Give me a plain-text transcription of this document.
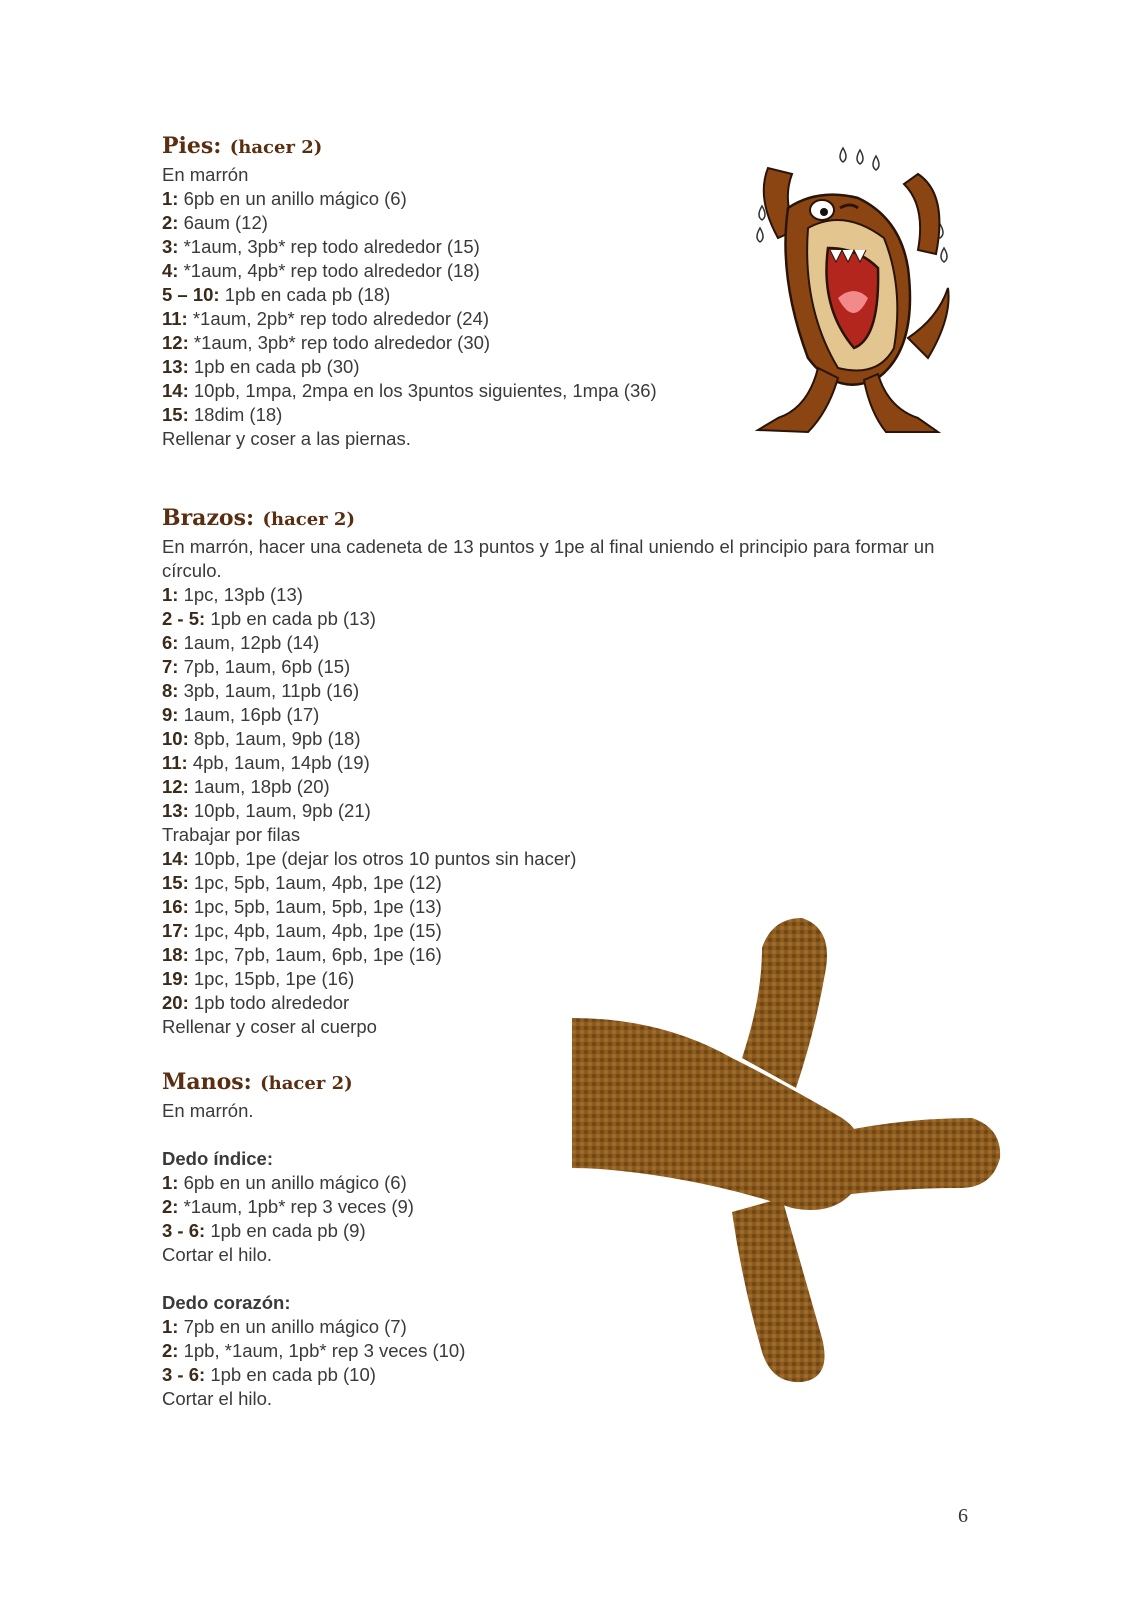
Pies: (hacer 2)
En marrón
1: 6pb en un anillo mágico (6)
2: 6aum (12)
3: *1aum, 3pb* rep todo alrededor (15)
4: *1aum, 4pb* rep todo alrededor (18)
5 – 10: 1pb en cada pb (18)
11: *1aum, 2pb* rep todo alrededor (24)
12: *1aum, 3pb* rep todo alrededor (30)
13: 1pb en cada pb (30)
14: 10pb, 1mpa, 2mpa en los 3puntos siguientes, 1mpa (36)
15: 18dim (18)
Rellenar y coser a las piernas.
Brazos: (hacer 2)
En marrón, hacer una cadeneta de 13 puntos y 1pe al final uniendo el principio para formar un círculo.
1: 1pc, 13pb (13)
2 - 5: 1pb en cada pb (13)
6: 1aum, 12pb (14)
7: 7pb, 1aum, 6pb (15)
8: 3pb, 1aum, 11pb (16)
9: 1aum, 16pb (17)
10: 8pb, 1aum, 9pb (18)
11: 4pb, 1aum, 14pb (19)
12: 1aum, 18pb (20)
13: 10pb, 1aum, 9pb (21)
Trabajar por filas
14: 10pb, 1pe (dejar los otros 10 puntos sin hacer)
15: 1pc, 5pb, 1aum, 4pb, 1pe (12)
16: 1pc, 5pb, 1aum, 5pb, 1pe (13)
17: 1pc, 4pb, 1aum, 4pb, 1pe (15)
18: 1pc, 7pb, 1aum, 6pb, 1pe (16)
19: 1pc, 15pb, 1pe (16)
20: 1pb todo alrededor
Rellenar y coser al cuerpo
Manos: (hacer 2)
En marrón.
Dedo índice:
1: 6pb en un anillo mágico (6)
2: *1aum, 1pb* rep 3 veces (9)
3 - 6: 1pb en cada pb (9)
Cortar el hilo.
Dedo corazón:
1: 7pb en un anillo mágico (7)
2: 1pb, *1aum, 1pb* rep 3 veces (10)
3 - 6: 1pb en cada pb (10)
Cortar el hilo.
6
